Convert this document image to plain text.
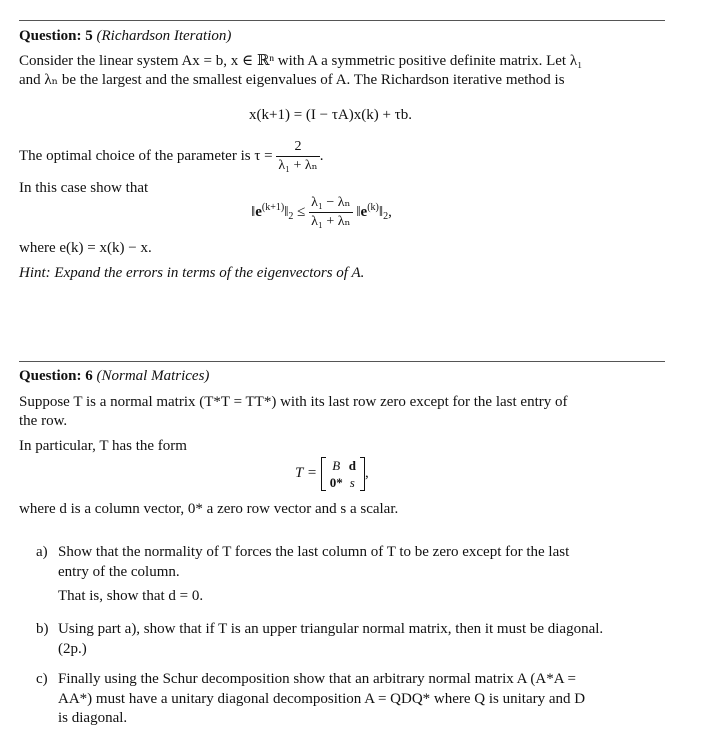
Question: 5 (Richardson Iteration)
Consider the linear system Ax = b, x ∈ ℝⁿ with A a symmetric positive definite matrix. Let λ₁
and λₙ be the largest and the smallest eigenvalues of A. The Richardson iterative method is
x(k+1) = (I − τA)x(k) + τb.
The optimal choice of the parameter is $\tau = \frac{2}{\text{λ₁ + λₙ}}$ .
In this case show that
$‖e^{(k+1)}‖_2 \le \frac{\text{λ₁ − λₙ}}{\text{λ₁ + λₙ}}$ $‖e^{(k)}‖_2$,
where e(k) = x(k) − x.
Hint: Expand the errors in terms of the eigenvectors of A.
Question: 6 (Normal Matrices)
Suppose T is a normal matrix (T*T = TT*) with its last row zero except for the last entry of
the row.
In particular, T has the form
T = B	d
0*	s
,
where d is a column vector, 0* a zero row vector and s a scalar.
a) Show that the normality of T forces the last column of T to be zero except for the last
entry of the column.
That is, show that d = 0.
b) Using part a), show that if T is an upper triangular normal matrix, then it must be diagonal.
(2p.)
c) Finally using the Schur decomposition show that an arbitrary normal matrix A (A*A =
AA*) must have a unitary diagonal decomposition A = QDQ* where Q is unitary and D
is diagonal.
